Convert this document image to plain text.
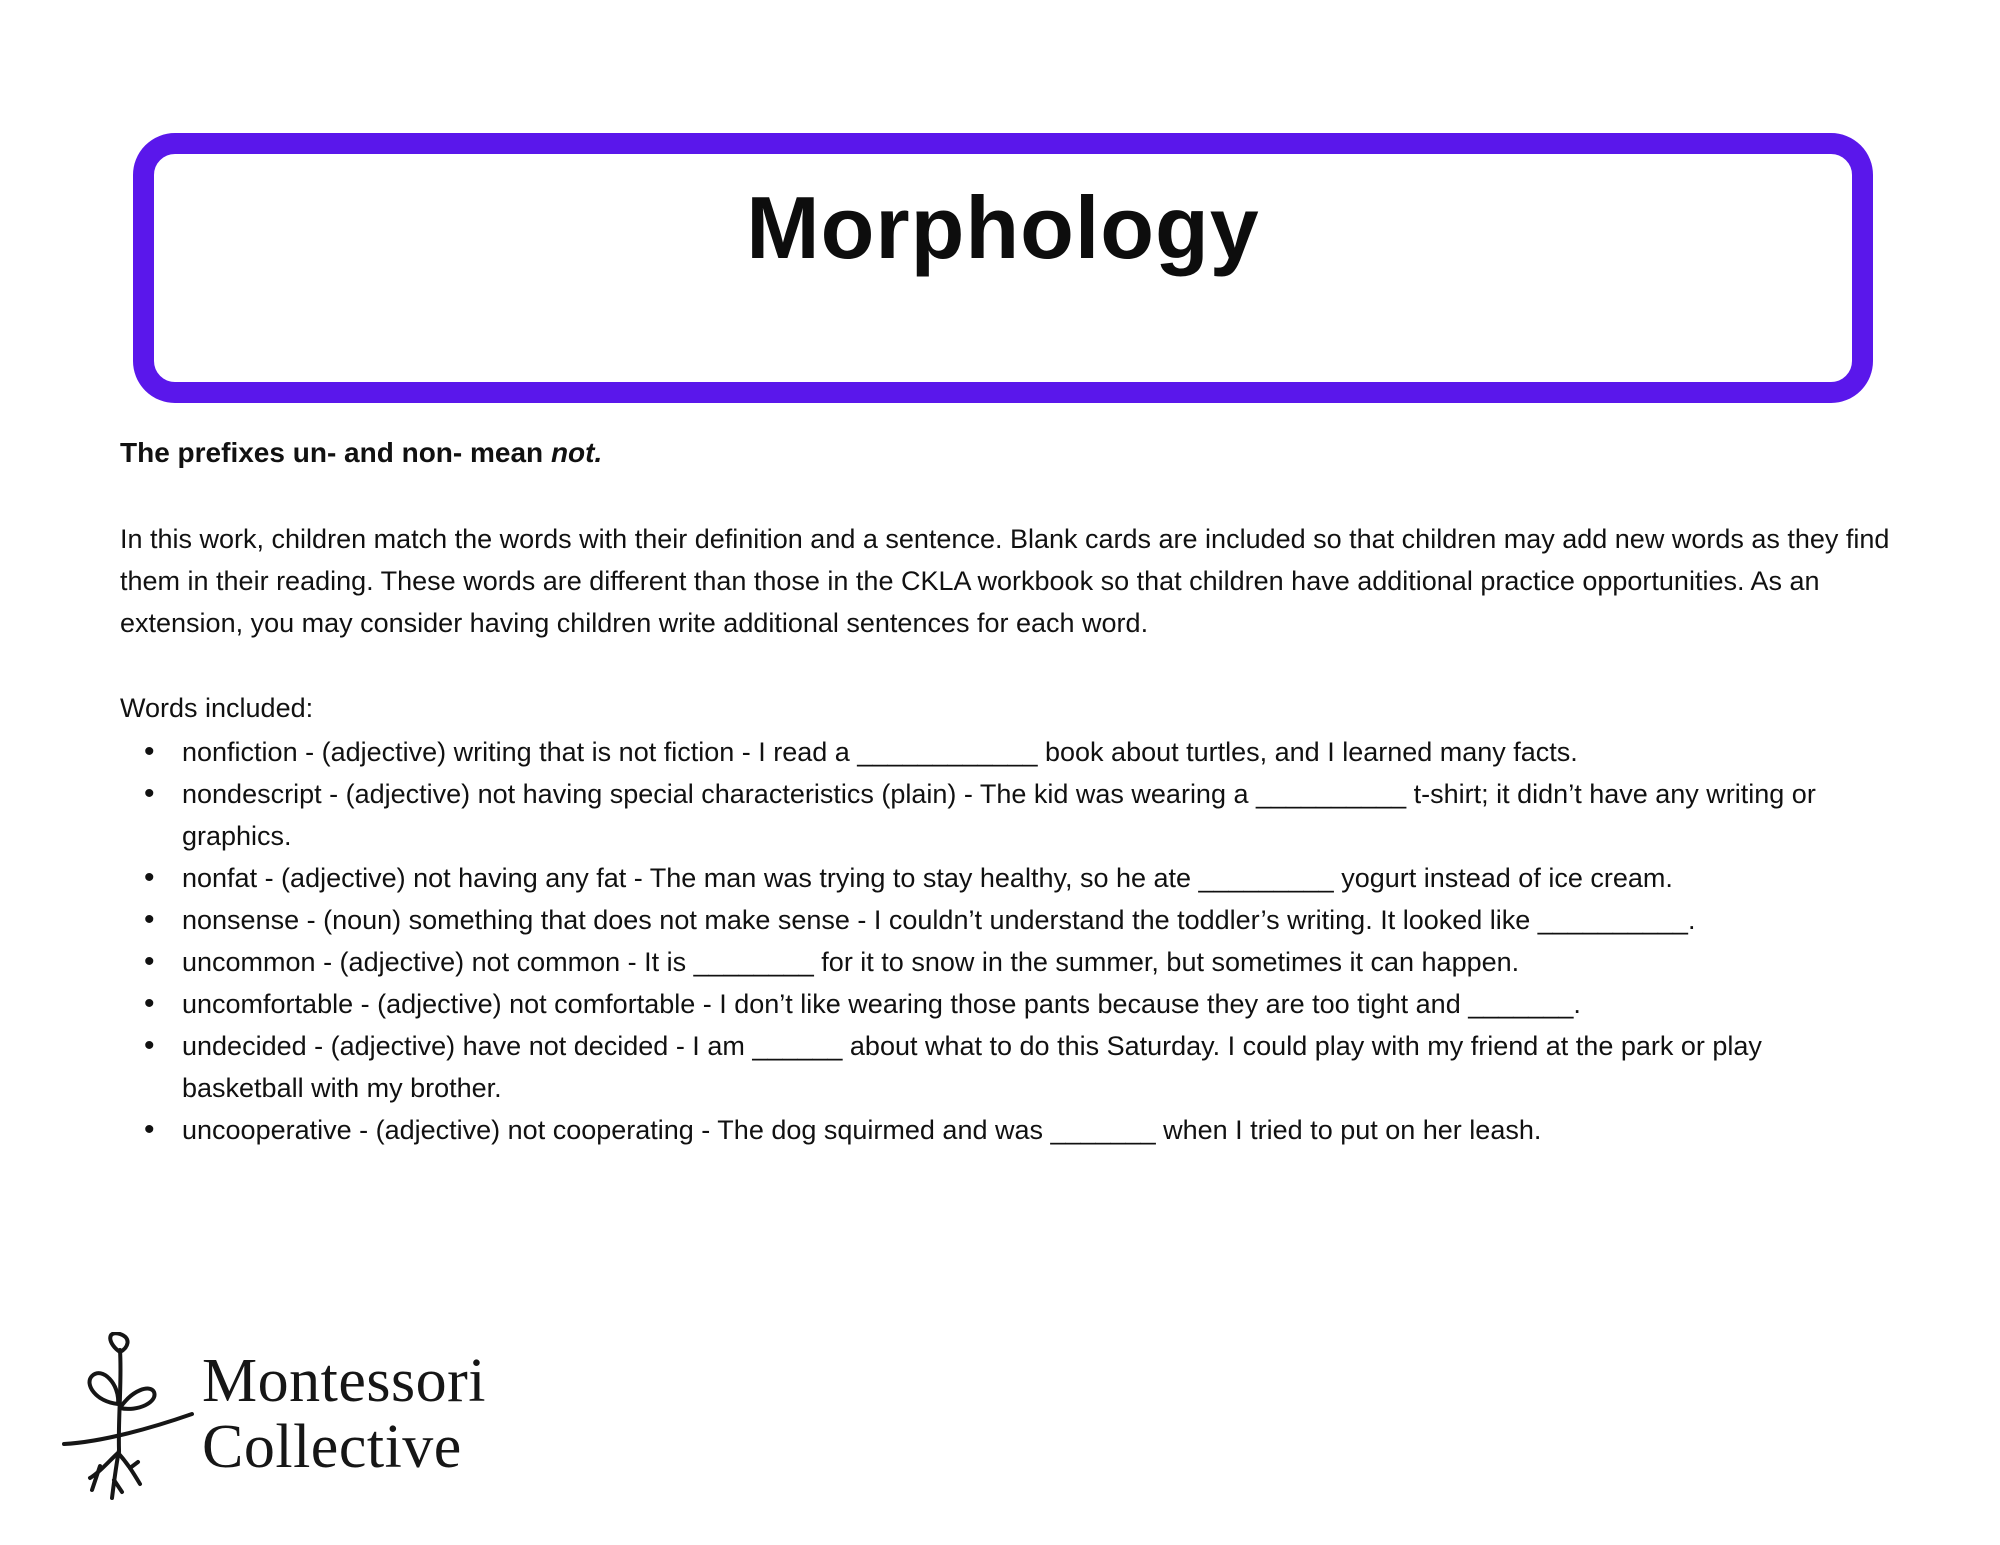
Morphology

The prefixes un- and non- mean not.

In this work, children match the words with their definition and a sentence. Blank cards are included so that children may add new words as they find them in their reading. These words are different than those in the CKLA workbook so that children have additional practice opportunities. As an extension, you may consider having children write additional sentences for each word.

Words included:

• nonfiction - (adjective) writing that is not fiction - I read a ____________ book about turtles, and I learned many facts.
• nondescript - (adjective) not having special characteristics (plain) - The kid was wearing a __________ t-shirt; it didn’t have any writing or graphics.
• nonfat - (adjective) not having any fat - The man was trying to stay healthy, so he ate _________ yogurt instead of ice cream.
• nonsense - (noun) something that does not make sense - I couldn’t understand the toddler’s writing. It looked like __________.
• uncommon - (adjective) not common - It is ________ for it to snow in the summer, but sometimes it can happen.
• uncomfortable - (adjective) not comfortable - I don’t like wearing those pants because they are too tight and _______.
• undecided - (adjective) have not decided - I am ______ about what to do this Saturday. I could play with my friend at the park or play basketball with my brother.
• uncooperative - (adjective) not cooperating - The dog squirmed and was _______ when I tried to put on her leash.
Montessori
Collective
